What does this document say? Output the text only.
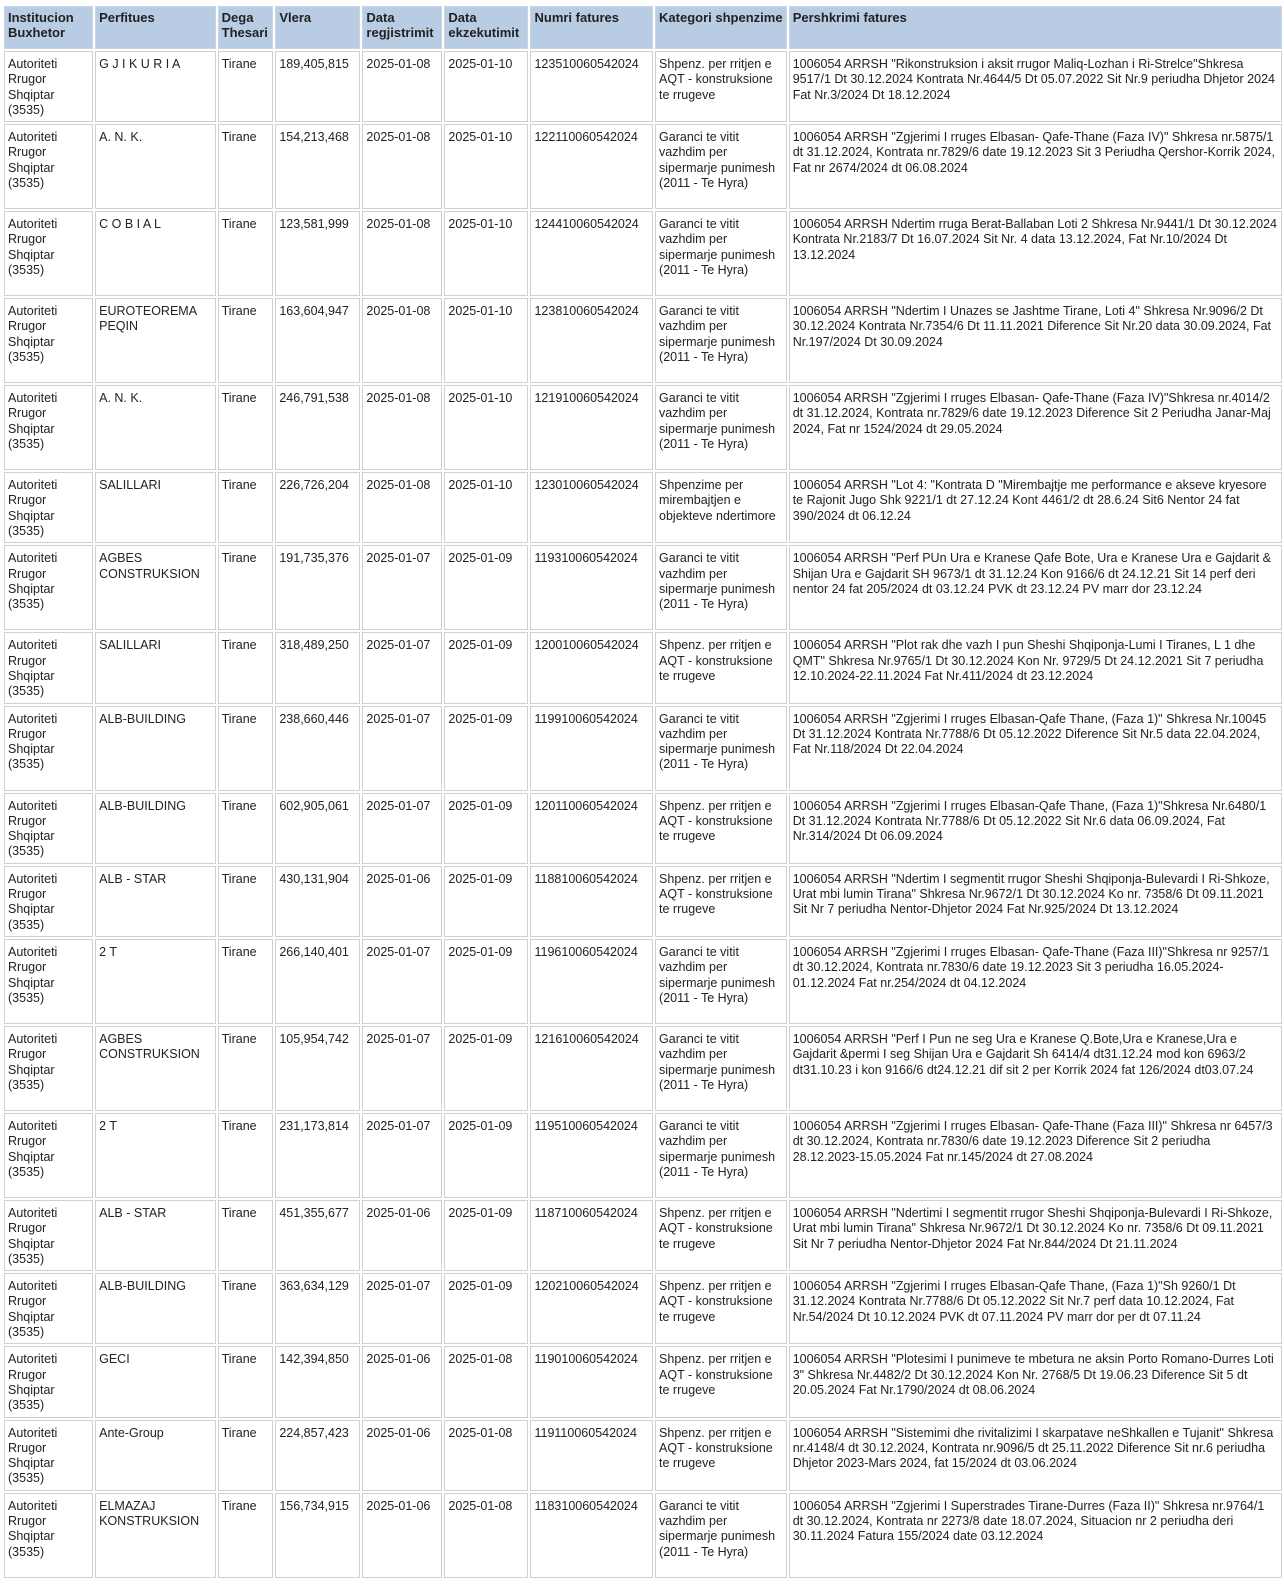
Institucion Buxhetor	Perfitues	Dega Thesari	Vlera	Data regjistrimit	Data ekzekutimit	Numri fatures	Kategori shpenzime	Pershkrimi fatures
Autoriteti Rrugor Shqiptar (3535)	G J I K U R I A	Tirane	189,405,815	2025-01-08	2025-01-10	123510060542024	Shpenz. per rritjen e AQT - konstruksione te rrugeve	1006054 ARRSH "Rikonstruksion i aksit rrugor Maliq-Lozhan i Ri-Strelce"Shkresa 9517/1 Dt 30.12.2024 Kontrata Nr.4644/5 Dt 05.07.2022 Sit Nr.9 periudha Dhjetor 2024 Fat Nr.3/2024 Dt 18.12.2024
Autoriteti Rrugor Shqiptar (3535)	A. N. K.	Tirane	154,213,468	2025-01-08	2025-01-10	122110060542024	Garanci te vitit vazhdim per sipermarje punimesh (2011 - Te Hyra)	1006054 ARRSH "Zgjerimi I rruges Elbasan- Qafe-Thane (Faza IV)" Shkresa nr.5875/1 dt 31.12.2024, Kontrata nr.7829/6 date 19.12.2023 Sit 3 Periudha Qershor-Korrik 2024, Fat nr 2674/2024 dt 06.08.2024
Autoriteti Rrugor Shqiptar (3535)	C O B I A L	Tirane	123,581,999	2025-01-08	2025-01-10	124410060542024	Garanci te vitit vazhdim per sipermarje punimesh (2011 - Te Hyra)	1006054 ARRSH Ndertim rruga Berat-Ballaban Loti 2 Shkresa Nr.9441/1 Dt 30.12.2024 Kontrata Nr.2183/7 Dt 16.07.2024 Sit Nr. 4 data 13.12.2024, Fat Nr.10/2024 Dt 13.12.2024
Autoriteti Rrugor Shqiptar (3535)	EUROTEOREMA PEQIN	Tirane	163,604,947	2025-01-08	2025-01-10	123810060542024	Garanci te vitit vazhdim per sipermarje punimesh (2011 - Te Hyra)	1006054 ARRSH "Ndertim I Unazes se Jashtme Tirane, Loti 4" Shkresa Nr.9096/2 Dt 30.12.2024 Kontrata Nr.7354/6 Dt 11.11.2021 Diference Sit Nr.20 data 30.09.2024, Fat Nr.197/2024 Dt 30.09.2024
Autoriteti Rrugor Shqiptar (3535)	A. N. K.	Tirane	246,791,538	2025-01-08	2025-01-10	121910060542024	Garanci te vitit vazhdim per sipermarje punimesh (2011 - Te Hyra)	1006054 ARRSH "Zgjerimi I rruges Elbasan- Qafe-Thane (Faza IV)"Shkresa nr.4014/2 dt 31.12.2024, Kontrata nr.7829/6 date 19.12.2023 Diference Sit 2 Periudha Janar-Maj 2024, Fat nr 1524/2024 dt 29.05.2024
Autoriteti Rrugor Shqiptar (3535)	SALILLARI	Tirane	226,726,204	2025-01-08	2025-01-10	123010060542024	Shpenzime per mirembajtjen e objekteve ndertimore	1006054 ARRSH "Lot 4: "Kontrata D "Mirembajtje me performance e akseve kryesore te Rajonit Jugo Shk 9221/1 dt 27.12.24 Kont 4461/2 dt 28.6.24 Sit6 Nentor 24 fat 390/2024 dt 06.12.24
Autoriteti Rrugor Shqiptar (3535)	AGBES CONSTRUKSION	Tirane	191,735,376	2025-01-07	2025-01-09	119310060542024	Garanci te vitit vazhdim per sipermarje punimesh (2011 - Te Hyra)	1006054 ARRSH "Perf PUn Ura e Kranese Qafe Bote, Ura e Kranese Ura e Gajdarit & Shijan Ura e Gajdarit SH 9673/1 dt 31.12.24 Kon 9166/6 dt 24.12.21 Sit 14 perf deri nentor 24 fat 205/2024 dt 03.12.24 PVK dt 23.12.24 PV marr dor 23.12.24
Autoriteti Rrugor Shqiptar (3535)	SALILLARI	Tirane	318,489,250	2025-01-07	2025-01-09	120010060542024	Shpenz. per rritjen e AQT - konstruksione te rrugeve	1006054 ARRSH "Plot rak dhe vazh I pun Sheshi Shqiponja-Lumi I Tiranes, L 1 dhe QMT" Shkresa Nr.9765/1 Dt 30.12.2024 Kon Nr. 9729/5 Dt 24.12.2021 Sit 7 periudha 12.10.2024-22.11.2024 Fat Nr.411/2024 dt 23.12.2024
Autoriteti Rrugor Shqiptar (3535)	ALB-BUILDING	Tirane	238,660,446	2025-01-07	2025-01-09	119910060542024	Garanci te vitit vazhdim per sipermarje punimesh (2011 - Te Hyra)	1006054 ARRSH "Zgjerimi I rruges Elbasan-Qafe Thane, (Faza 1)" Shkresa Nr.10045 Dt 31.12.2024 Kontrata Nr.7788/6 Dt 05.12.2022 Diference Sit Nr.5 data 22.04.2024, Fat Nr.118/2024 Dt 22.04.2024
Autoriteti Rrugor Shqiptar (3535)	ALB-BUILDING	Tirane	602,905,061	2025-01-07	2025-01-09	120110060542024	Shpenz. per rritjen e AQT - konstruksione te rrugeve	1006054 ARRSH "Zgjerimi I rruges Elbasan-Qafe Thane, (Faza 1)"Shkresa Nr.6480/1 Dt 31.12.2024 Kontrata Nr.7788/6 Dt 05.12.2022 Sit Nr.6 data 06.09.2024, Fat Nr.314/2024 Dt 06.09.2024
Autoriteti Rrugor Shqiptar (3535)	ALB - STAR	Tirane	430,131,904	2025-01-06	2025-01-09	118810060542024	Shpenz. per rritjen e AQT - konstruksione te rrugeve	1006054 ARRSH "Ndertim I segmentit rrugor Sheshi Shqiponja-Bulevardi I Ri-Shkoze, Urat mbi lumin Tirana" Shkresa Nr.9672/1 Dt 30.12.2024 Ko nr. 7358/6 Dt 09.11.2021 Sit Nr 7 periudha Nentor-Dhjetor 2024 Fat Nr.925/2024 Dt 13.12.2024
Autoriteti Rrugor Shqiptar (3535)	2 T	Tirane	266,140,401	2025-01-07	2025-01-09	119610060542024	Garanci te vitit vazhdim per sipermarje punimesh (2011 - Te Hyra)	1006054 ARRSH "Zgjerimi I rruges Elbasan- Qafe-Thane (Faza III)"Shkresa nr 9257/1 dt 30.12.2024, Kontrata nr.7830/6 date 19.12.2023 Sit 3 periudha 16.05.2024-01.12.2024 Fat nr.254/2024 dt 04.12.2024
Autoriteti Rrugor Shqiptar (3535)	AGBES CONSTRUKSION	Tirane	105,954,742	2025-01-07	2025-01-09	121610060542024	Garanci te vitit vazhdim per sipermarje punimesh (2011 - Te Hyra)	1006054 ARRSH "Perf I Pun ne seg Ura e Kranese Q.Bote,Ura e Kranese,Ura e Gajdarit &permi I seg Shijan Ura e Gajdarit Sh 6414/4 dt31.12.24 mod kon 6963/2 dt31.10.23 i kon 9166/6 dt24.12.21 dif sit 2 per Korrik 2024 fat 126/2024 dt03.07.24
Autoriteti Rrugor Shqiptar (3535)	2 T	Tirane	231,173,814	2025-01-07	2025-01-09	119510060542024	Garanci te vitit vazhdim per sipermarje punimesh (2011 - Te Hyra)	1006054 ARRSH "Zgjerimi I rruges Elbasan- Qafe-Thane (Faza III)" Shkresa nr 6457/3 dt 30.12.2024, Kontrata nr.7830/6 date 19.12.2023 Diference Sit 2 periudha 28.12.2023-15.05.2024 Fat nr.145/2024 dt 27.08.2024
Autoriteti Rrugor Shqiptar (3535)	ALB - STAR	Tirane	451,355,677	2025-01-06	2025-01-09	118710060542024	Shpenz. per rritjen e AQT - konstruksione te rrugeve	1006054 ARRSH "Ndertimi I segmentit rrugor Sheshi Shqiponja-Bulevardi I Ri-Shkoze, Urat mbi lumin Tirana" Shkresa Nr.9672/1 Dt 30.12.2024 Ko nr. 7358/6 Dt 09.11.2021 Sit Nr 7 periudha Nentor-Dhjetor 2024 Fat Nr.844/2024 Dt 21.11.2024
Autoriteti Rrugor Shqiptar (3535)	ALB-BUILDING	Tirane	363,634,129	2025-01-07	2025-01-09	120210060542024	Shpenz. per rritjen e AQT - konstruksione te rrugeve	1006054 ARRSH "Zgjerimi I rruges Elbasan-Qafe Thane, (Faza 1)"Sh 9260/1 Dt 31.12.2024 Kontrata Nr.7788/6 Dt 05.12.2022 Sit Nr.7 perf data 10.12.2024, Fat Nr.54/2024 Dt 10.12.2024 PVK dt 07.11.2024 PV marr dor per dt 07.11.24
Autoriteti Rrugor Shqiptar (3535)	GECI	Tirane	142,394,850	2025-01-06	2025-01-08	119010060542024	Shpenz. per rritjen e AQT - konstruksione te rrugeve	1006054 ARRSH "Plotesimi I punimeve te mbetura ne aksin Porto Romano-Durres Loti 3" Shkresa Nr.4482/2 Dt 30.12.2024 Kon Nr. 2768/5 Dt 19.06.23 Diference Sit 5 dt 20.05.2024 Fat Nr.1790/2024 dt 08.06.2024
Autoriteti Rrugor Shqiptar (3535)	Ante-Group	Tirane	224,857,423	2025-01-06	2025-01-08	119110060542024	Shpenz. per rritjen e AQT - konstruksione te rrugeve	1006054 ARRSH "Sistemimi dhe rivitalizimi I skarpatave neShkallen e Tujanit" Shkresa nr.4148/4 dt 30.12.2024, Kontrata nr.9096/5 dt 25.11.2022 Diference Sit nr.6 periudha Dhjetor 2023-Mars 2024, fat 15/2024 dt 03.06.2024
Autoriteti Rrugor Shqiptar (3535)	ELMAZAJ KONSTRUKSION	Tirane	156,734,915	2025-01-06	2025-01-08	118310060542024	Garanci te vitit vazhdim per sipermarje punimesh (2011 - Te Hyra)	1006054 ARRSH "Zgjerimi I Superstrades Tirane-Durres (Faza II)" Shkresa nr.9764/1 dt 30.12.2024, Kontrata nr 2273/8 date 18.07.2024, Situacion nr 2 periudha deri 30.11.2024 Fatura 155/2024 date 03.12.2024
